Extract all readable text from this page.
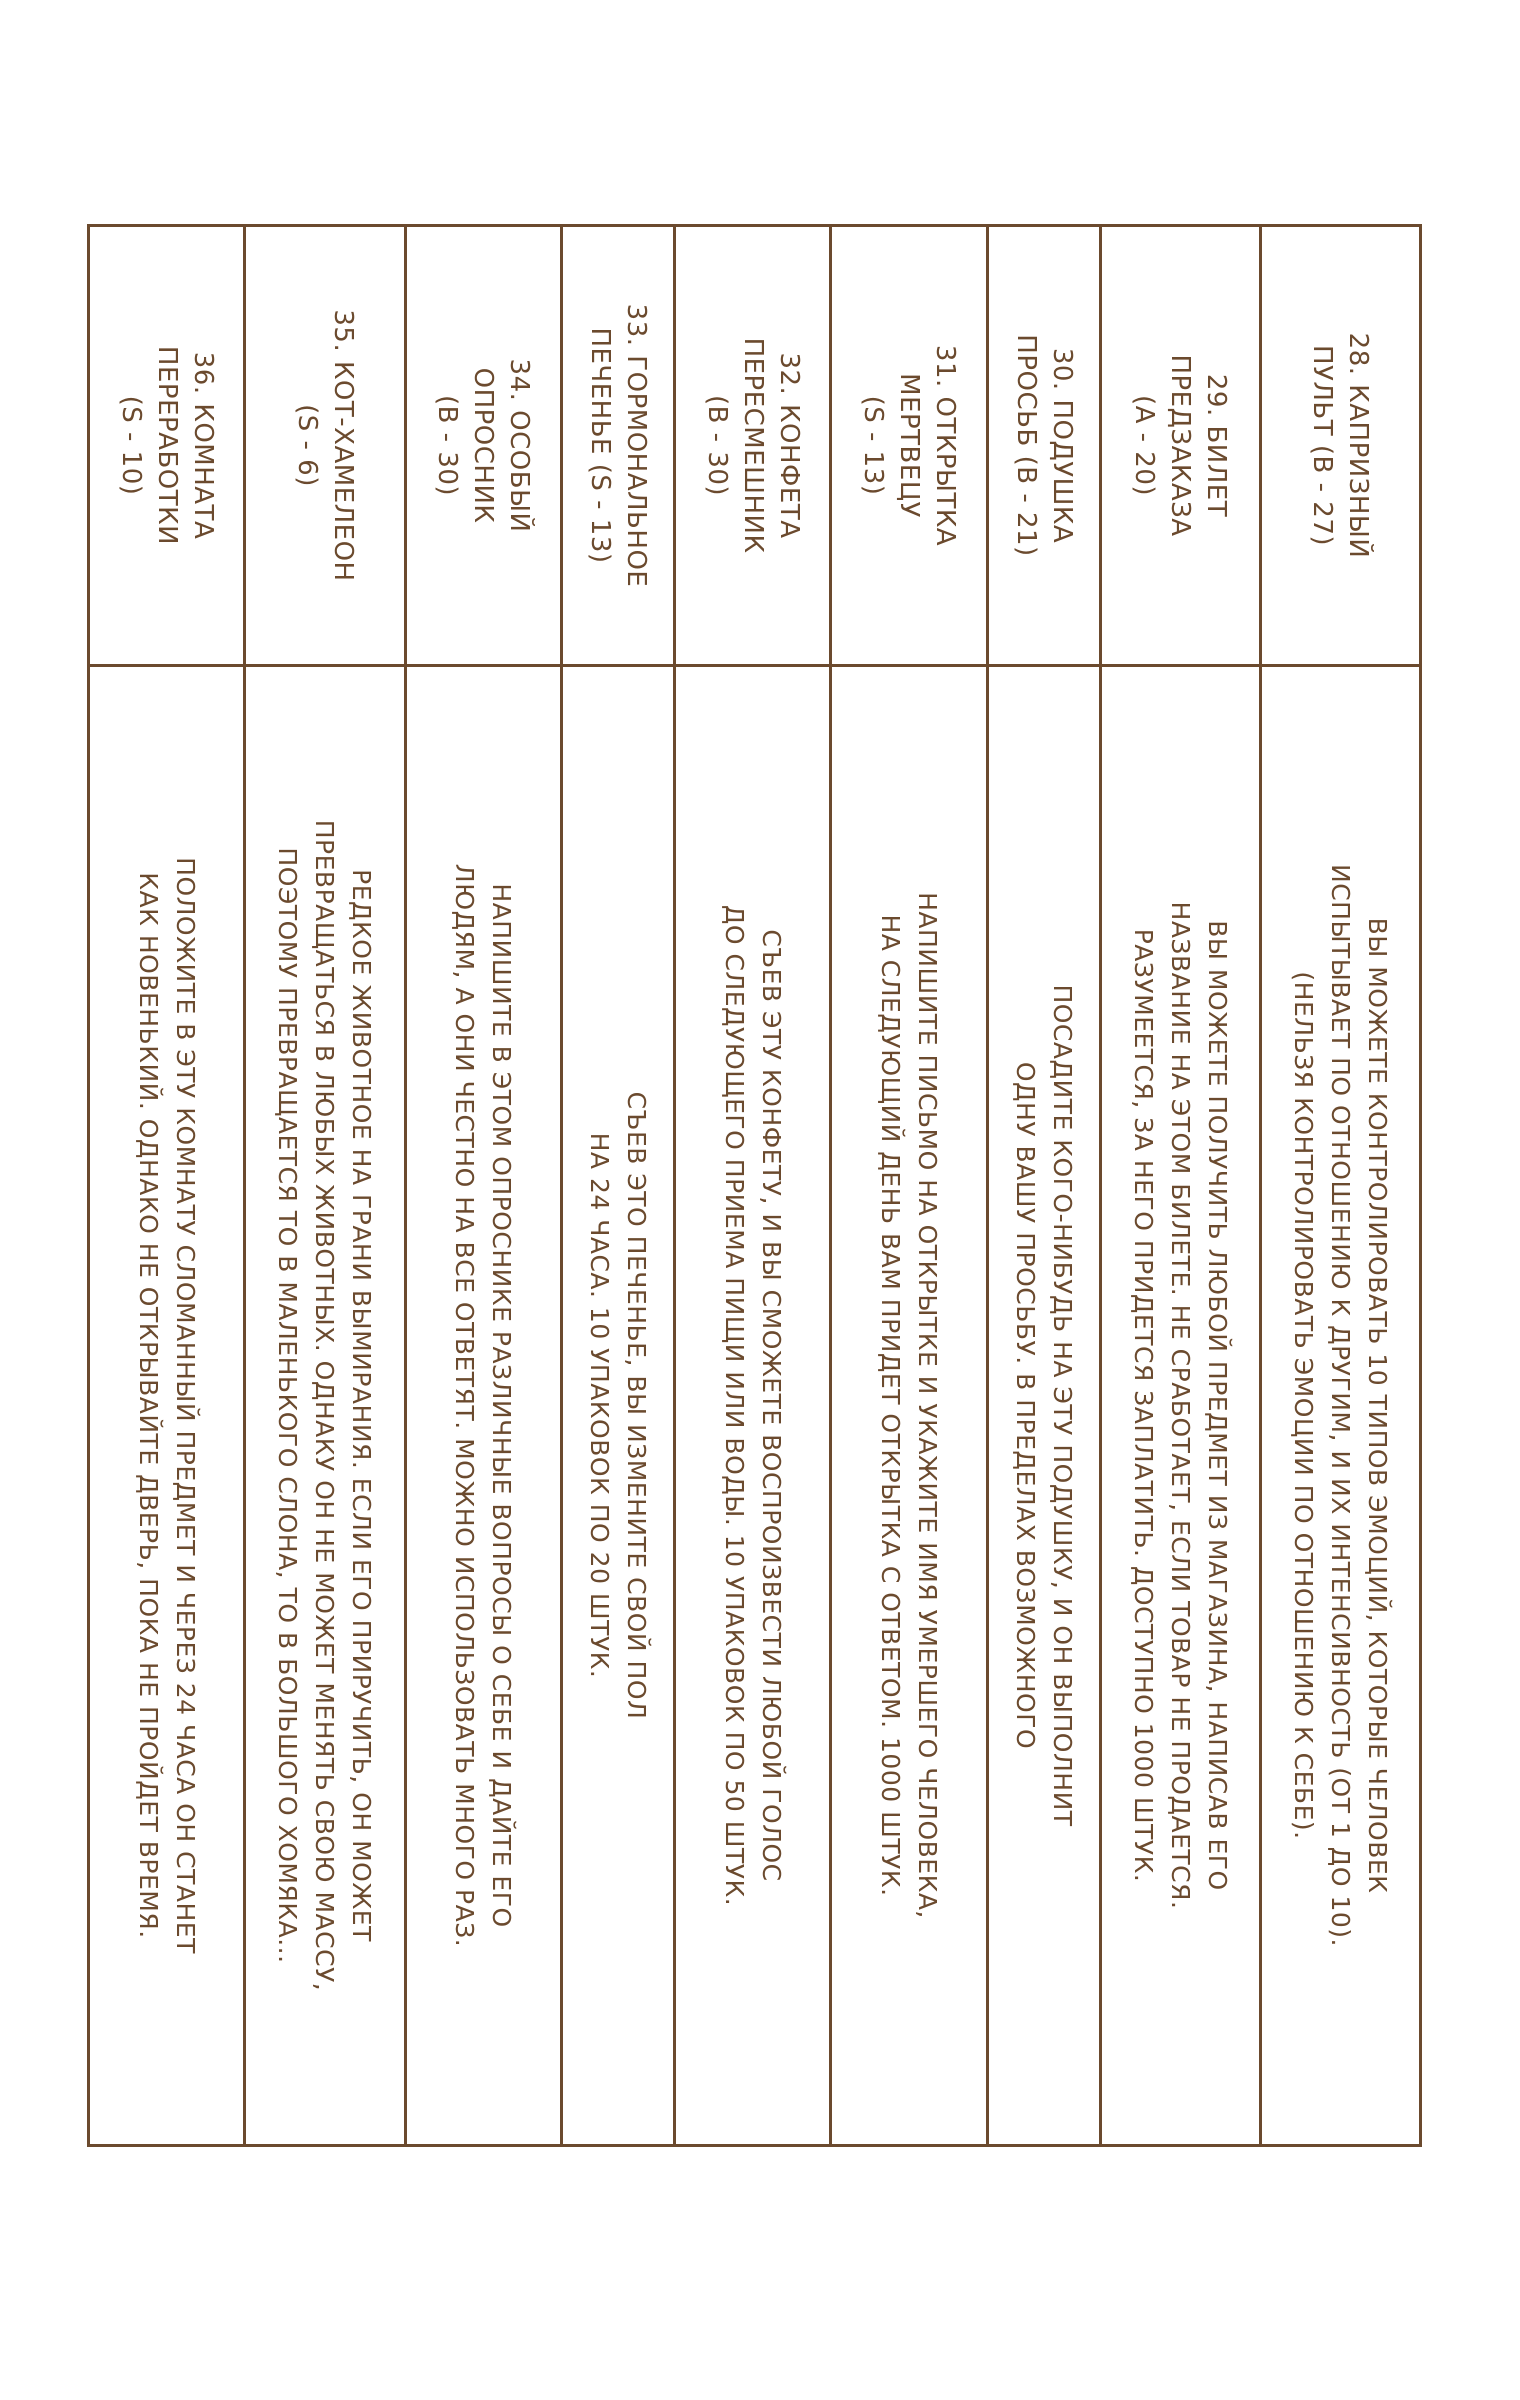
28. КАПРИЗНЫЙ
ПУЛЬТ (B - 27)	ВЫ МОЖЕТЕ КОНТРОЛИРОВАТЬ 10 ТИПОВ ЭМОЦИЙ, КОТОРЫЕ ЧЕЛОВЕК
ИСПЫТЫВАЕТ ПО ОТНОШЕНИЮ К ДРУГИМ, И ИХ ИНТЕНСИВНОСТЬ (ОТ 1 ДО 10).
(НЕЛЬЗЯ КОНТРОЛИРОВАТЬ ЭМОЦИИ ПО ОТНОШЕНИЮ К СЕБЕ).

29. БИЛЕТ
ПРЕДЗАКАЗА
(A - 20)	ВЫ МОЖЕТЕ ПОЛУЧИТЬ ЛЮБОЙ ПРЕДМЕТ ИЗ МАГАЗИНА, НАПИСАВ ЕГО
НАЗВАНИЕ НА ЭТОМ БИЛЕТЕ. НЕ СРАБОТАЕТ, ЕСЛИ ТОВАР НЕ ПРОДАЕТСЯ.
РАЗУМЕЕТСЯ, ЗА НЕГО ПРИДЕТСЯ ЗАПЛАТИТЬ. ДОСТУПНО 1000 ШТУК.

30. ПОДУШКА
ПРОСЬБ (B - 21)	ПОСАДИТЕ КОГО-НИБУДЬ НА ЭТУ ПОДУШКУ, И ОН ВЫПОЛНИТ
ОДНУ ВАШУ ПРОСЬБУ. В ПРЕДЕЛАХ ВОЗМОЖНОГО

31. ОТКРЫТКА
МЕРТВЕЦУ
(S - 13)	НАПИШИТЕ ПИСЬМО НА ОТКРЫТКЕ И УКАЖИТЕ ИМЯ УМЕРШЕГО ЧЕЛОВЕКА,
НА СЛЕДУЮЩИЙ ДЕНЬ ВАМ ПРИДЕТ ОТКРЫТКА С ОТВЕТОМ. 1000 ШТУК.

32. КОНФЕТА
ПЕРЕСМЕШНИК
(B - 30)	СЪЕВ ЭТУ КОНФЕТУ, И ВЫ СМОЖЕТЕ ВОСПРОИЗВЕСТИ ЛЮБОЙ ГОЛОС
ДО СЛЕДУЮЩЕГО ПРИЕМА ПИЩИ ИЛИ ВОДЫ. 10 УПАКОВОК ПО 50 ШТУК.

33. ГОРМОНАЛЬНОЕ
ПЕЧЕНЬЕ (S - 13)	СЪЕВ ЭТО ПЕЧЕНЬЕ, ВЫ ИЗМЕНИТЕ СВОЙ ПОЛ
НА 24 ЧАСА. 10 УПАКОВОК ПО 20 ШТУК.

34. ОСОБЫЙ
ОПРОСНИК
(B - 30)	НАПИШИТЕ В ЭТОМ ОПРОСНИКЕ РАЗЛИЧНЫЕ ВОПРОСЫ О СЕБЕ И ДАЙТЕ ЕГО
ЛЮДЯМ, А ОНИ ЧЕСТНО НА ВСЕ ОТВЕТЯТ. МОЖНО ИСПОЛЬЗОВАТЬ МНОГО РАЗ.

35. КОТ-ХАМЕЛЕОН
(S - 6)	РЕДКОЕ ЖИВОТНОЕ НА ГРАНИ ВЫМИРАНИЯ. ЕСЛИ ЕГО ПРИРУЧИТЬ, ОН МОЖЕТ
ПРЕВРАЩАТЬСЯ В ЛЮБЫХ ЖИВОТНЫХ. ОДНАКУ ОН НЕ МОЖЕТ МЕНЯТЬ СВОЮ МАССУ,
ПОЭТОМУ ПРЕВРАЩАЕТСЯ ТО В МАЛЕНЬКОГО СЛОНА, ТО В БОЛЬШОГО ХОМЯКА...

36. КОМНАТА
ПЕРЕРАБОТКИ
(S - 10)	ПОЛОЖИТЕ В ЭТУ КОМНАТУ СЛОМАННЫЙ ПРЕДМЕТ И ЧЕРЕЗ 24 ЧАСА ОН СТАНЕТ
КАК НОВЕНЬКИЙ. ОДНАКО НЕ ОТКРЫВАЙТЕ ДВЕРЬ, ПОКА НЕ ПРОЙДЕТ ВРЕМЯ.
